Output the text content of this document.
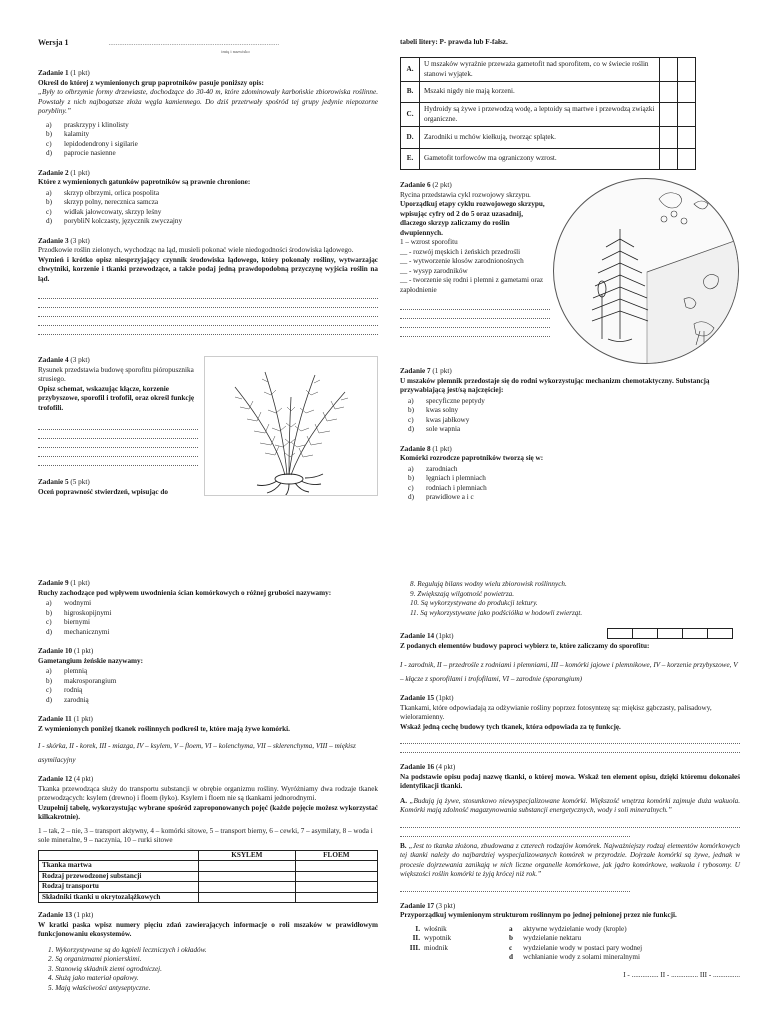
Wersja 1	...............................................................................................
imię i nazwisko
Zadanie 1 (1 pkt)
Określ do której z wymienionych grup paprotników pasuje poniższy opis:
„Były to olbrzymie formy drzewiaste, dochodzące do 30-40 m, które zdominowały karbońskie zbiorowiska roślinne. Powstały z nich najbogatsze złoża węgla kamiennego. Do dziś przetrwały spośród tej grupy jedynie niepozorne porybliny.”
a)	praskrzypy i klinolisty
b)	kalamity
c)	lepidodendrony i sigilarie
d)	paprocie nasienne
Zadanie 2 (1 pkt)
Które z wymienionych gatunków paprotników są prawnie chronione:
a)	skrzyp olbrzymi, orlica pospolita
b)	skrzyp polny, nerecznica samcza
c)	widłak jałowcowaty, skrzyp leśny
d)	porybliN kolczasty, języcznik zwyczajny
Zadanie 3 (3 pkt)
Przodkowie roślin zielonych, wychodząc na ląd, musieli pokonać wiele niedogodności środowiska lądowego.
Wymień i krótko opisz niesprzyjający czynnik środowiska lądowego, który pokonały rośliny, wytwarzając chwytniki, korzenie i tkanki przewodzące, a także podaj jedną prawdopodobną przyczynę wyjścia roślin na ląd.
Zadanie 4 (3 pkt)
Rysunek przedstawia budowę sporofitu pióropusznika strusiego.
Opisz schemat, wskazując kłącze, korzenie przybyszowe, sporofil i trofofil, oraz określ funkcję trofofili.
Zadanie 5 (5 pkt)
Oceń poprawność stwierdzeń, wpisując do
tabeli litery: P- prawda lub F-fałsz.
A.	U mszaków wyraźnie przeważa gametofit nad sporofitem, co w świecie roślin stanowi wyjątek.		
B.	Mszaki nigdy nie mają korzeni.		
C.	Hydroidy są żywe i przewodzą wodę, a leptoidy są martwe i przewodzą związki organiczne.		
D.	Zarodniki u mchów kiełkują, tworząc splątek.		
E.	Gametofit torfowców ma ograniczony wzrost.		
Zadanie 6 (2 pkt)
Rycina przedstawia cykl rozwojowy skrzypu.
Uporządkuj etapy cyklu rozwojowego skrzypu, wpisując cyfry od 2 do 5 oraz uzasadnij, dlaczego skrzyp zaliczamy do roślin dwupiennych.
1 – wzrost sporofitu
__ - rozwój męskich i żeńskich przedrośli
__ - wytworzenie kłosów zarodnionośnych
__ - wysyp zarodników
__ - tworzenie się rodni i plemni z gametami oraz zapłodnienie
Zadanie 7 (1 pkt)
U mszaków plemnik przedostaje się do rodni wykorzystując mechanizm chemotaktyczny. Substancją przywabiającą jest/są najczęściej:
a)	specyficzne peptydy
b)	kwas solny
c)	kwas jabłkowy
d)	sole wapnia
Zadanie 8 (1 pkt)
Komórki rozrodcze paprotników tworzą się w:
a)	zarodniach
b)	lęgniach i plemniach
c)	rodniach i plemniach
d)	prawidłowe a i c
Zadanie 9 (1 pkt)
Ruchy zachodzące pod wpływem uwodnienia ścian komórkowych o różnej grubości nazywamy:
a)	wodnymi
b)	higroskopijnymi
c)	biernymi
d)	mechanicznymi
Zadanie 10 (1 pkt)
Gametangium żeńskie nazywamy:
a)	plemnią
b)	makrosporangium
c)	rodnią
d)	zarodnią
Zadanie 11 (1 pkt)
Z wymienionych poniżej tkanek roślinnych podkreśl te, które mają żywe komórki.
I - skórka, II - korek, III - miazga, IV – ksylem, V – floem, VI – kolenchyma, VII – sklerenchyma, VIII – miękisz asymilacyjny
Zadanie 12 (4 pkt)
Tkanka przewodząca służy do transportu substancji w obrębie organizmu rośliny. Wyróżniamy dwa rodzaje tkanek przewodzących: ksylem (drewno) i floem (łyko). Ksylem i floem nie są tkankami jednorodnymi.
Uzupełnij tabelę, wykorzystując wybrane spośród zaproponowanych pojęć (każde pojęcie możesz wykorzystać kilkakrotnie).
1 – tak, 2 – nie, 3 – transport aktywny, 4 – komórki sitowe, 5 – transport bierny, 6 – cewki, 7 – asymilaty, 8 – woda i sole mineralne, 9 – naczynia, 10 – rurki sitowe
	KSYLEM	FLOEM
Tkanka martwa		
Rodzaj przewodzonej substancji		
Rodzaj transportu		
Składniki tkanki u okrytozalążkowych		
Zadanie 13 (1 pkt)
W kratki paska wpisz numery pięciu zdań zawierających informacje o roli mszaków w prawidłowym funkcjonowaniu ekosystemów.
1. Wykorzystywane są do kąpieli leczniczych i okładów.
2. Są organizmami pionierskimi.
3. Stanowią składnik ziemi ogrodniczej.
4. Służą jako materiał opałowy.
5. Mają właściwości antyseptyczne.
8. Regulują bilans wodny wielu zbiorowisk roślinnych.
9. Zwiększają wilgotność powietrza.
10. Są wykorzystywane do produkcji tektury.
11. Są wykorzystywane jako podściółka w hodowli zwierząt.
Zadanie 14 (1pkt)
Z podanych elementów budowy paproci wybierz te, które zaliczamy do sporofitu:
I - zarodnik, II – przedrośle z rodniami i plemniami, III – komórki jajowe i plemnikowe, IV – korzenie przybyszowe, V – kłącze z sporofilami i trofofilami, VI – zarodnie (sporangium)
Zadanie 15 (1pkt)
Tkankami, które odpowiadają za odżywianie rośliny poprzez fotosyntezę są: miękisz gąbczasty, palisadowy, wieloramienny.
Wskaż jedną cechę budowy tych tkanek, która odpowiada za tę funkcję.
Zadanie 16 (4 pkt)
Na podstawie opisu podaj nazwę tkanki, o której mowa. Wskaż ten element opisu, dzięki któremu dokonałeś identyfikacji tkanki.
A. „Budują ją żywe, stosunkowo niewyspecjalizowane komórki. Większość wnętrza komórki zajmuje duża wakuola. Komórki mają zdolność magazynowania substancji energetycznych, wody i soli mineralnych.”
B. „Jest to tkanka złożona, zbudowana z czterech rodzajów komórek. Najważniejszy rodzaj elementów komórkowych tej tkanki należy do najbardziej wyspecjalizowanych komórek w przyrodzie. Dojrzałe komórki są żywe, jednak w procesie dojrzewania zanikają w nich liczne organelle komórkowe, jak jądro komórkowe, wakuola i rybosomy. U większości roślin komórki te żyją krócej niż rok.”
Zadanie 17 (3 pkt)
Przyporządkuj wymienionym strukturom roślinnym po jednej pełnionej przez nie funkcji.
I.	włośnik	a	aktywne wydzielanie wody (krople)
II.	wypotnik	b	wydzielanie nektaru
III.	miodnik	c	wydzielanie wody w postaci pary wodnej
		d	wchłanianie wody z solami mineralnymi
I - ............... II - ............... III - ...............
